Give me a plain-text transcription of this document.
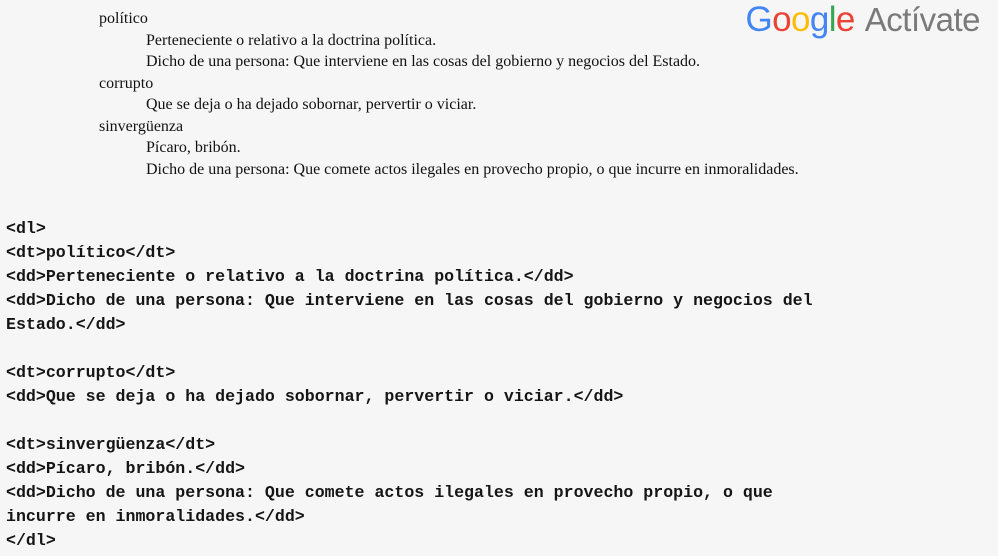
G o o g l e Actívate
político
Perteneciente o relativo a la doctrina política.
Dicho de una persona: Que interviene en las cosas del gobierno y negocios del Estado.
corrupto
Que se deja o ha dejado sobornar, pervertir o viciar.
sinvergüenza
Pícaro, bribón.
Dicho de una persona: Que comete actos ilegales en provecho propio, o que incurre en inmoralidades.
<dl>
<dt>político</dt>
<dd>Perteneciente o relativo a la doctrina política.</dd>
<dd>Dicho de una persona: Que interviene en las cosas del gobierno y negocios del
Estado.</dd>
<dt>corrupto</dt>
<dd>Que se deja o ha dejado sobornar, pervertir o viciar.</dd>
<dt>sinvergüenza</dt>
<dd>Pícaro, bribón.</dd>
<dd>Dicho de una persona: Que comete actos ilegales en provecho propio, o que
incurre en inmoralidades.</dd>
</dl>
